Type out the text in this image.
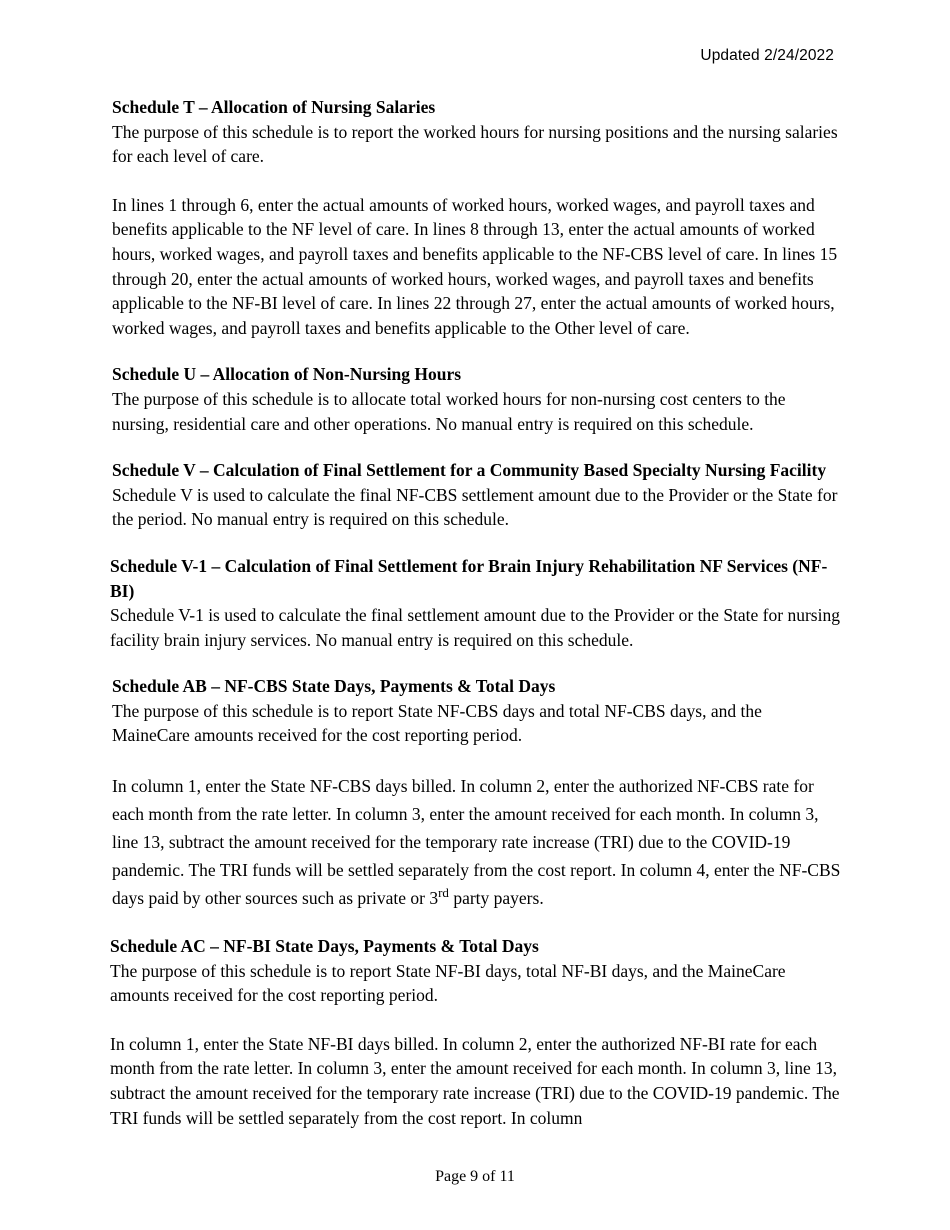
Updated 2/24/2022
Schedule T – Allocation of Nursing Salaries

The purpose of this schedule is to report the worked hours for nursing positions and the nursing salaries for each level of care.

In lines 1 through 6, enter the actual amounts of worked hours, worked wages, and payroll taxes and benefits applicable to the NF level of care. In lines 8 through 13, enter the actual amounts of worked hours, worked wages, and payroll taxes and benefits applicable to the NF-CBS level of care. In lines 15 through 20, enter the actual amounts of worked hours, worked wages, and payroll taxes and benefits applicable to the NF-BI level of care. In lines 22 through 27, enter the actual amounts of worked hours, worked wages, and payroll taxes and benefits applicable to the Other level of care.

Schedule U – Allocation of Non-Nursing Hours

The purpose of this schedule is to allocate total worked hours for non-nursing cost centers to the nursing, residential care and other operations. No manual entry is required on this schedule.

Schedule V – Calculation of Final Settlement for a Community Based Specialty Nursing Facility

Schedule V is used to calculate the final NF-CBS settlement amount due to the Provider or the State for the period. No manual entry is required on this schedule.

Schedule V-1 – Calculation of Final Settlement for Brain Injury Rehabilitation NF Services (NF-BI)

Schedule V-1 is used to calculate the final settlement amount due to the Provider or the State for nursing facility brain injury services. No manual entry is required on this schedule.

Schedule AB – NF-CBS State Days, Payments & Total Days

The purpose of this schedule is to report State NF-CBS days and total NF-CBS days, and the MaineCare amounts received for the cost reporting period.

In column 1, enter the State NF-CBS days billed. In column 2, enter the authorized NF-CBS rate for each month from the rate letter. In column 3, enter the amount received for each month. In column 3, line 13, subtract the amount received for the temporary rate increase (TRI) due to the COVID-19 pandemic. The TRI funds will be settled separately from the cost report. In column 4, enter the NF-CBS days paid by other sources such as private or 3rd party payers.

Schedule AC – NF-BI State Days, Payments & Total Days

The purpose of this schedule is to report State NF-BI days, total NF-BI days, and the MaineCare amounts received for the cost reporting period.

In column 1, enter the State NF-BI days billed. In column 2, enter the authorized NF-BI rate for each month from the rate letter. In column 3, enter the amount received for each month. In column 3, line 13, subtract the amount received for the temporary rate increase (TRI) due to the COVID-19 pandemic. The TRI funds will be settled separately from the cost report. In column

Page 9 of 11
